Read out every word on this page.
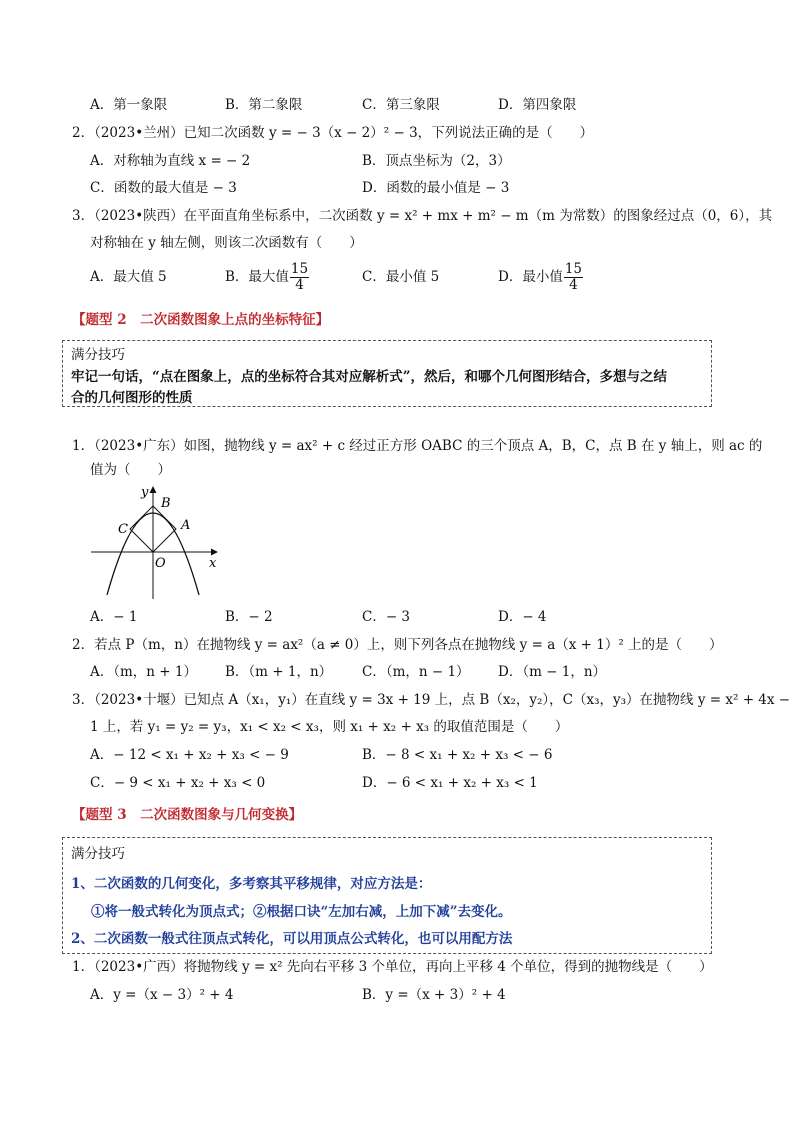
A．第一象限	B．第二象限	C．第三象限	D．第四象限
2．（2023•兰州）已知二次函数 y = − 3（x − 2）² − 3，下列说法正确的是（　　）
A．对称轴为直线 x = − 2	B．顶点坐标为（2，3）
C．函数的最大值是 − 3	D．函数的最小值是 − 3
3．（2023•陕西）在平面直角坐标系中，二次函数 y = x² + mx + m² − m（m 为常数）的图象经过点（0，6），其
对称轴在 y 轴左侧，则该二次函数有（　　）
A．最大值 5	B．最大值 $\frac{15}{4}$	C．最小值 5	D．最小值 $\frac{15}{4}$
【题型 2　二次函数图象上点的坐标特征】
满分技巧
牢记一句话，“点在图象上，点的坐标符合其对应解析式”，然后，和哪个几何图形结合，多想与之结
合的几何图形的性质
1．（2023•广东）如图，抛物线 y = ax² + c 经过正方形 OABC 的三个顶点 A，B，C，点 B 在 y 轴上，则 ac 的
值为（　　）
y
B
C	A
O	x
A．− 1	B．− 2	C．− 3	D．− 4
2．若点 P（m，n）在抛物线 y = ax²（a ≠ 0）上，则下列各点在抛物线 y = a（x + 1）² 上的是（　　）
A．（m，n + 1） B．（m + 1，n） C．（m，n − 1） D．（m − 1，n）
3．（2023•十堰）已知点 A（x₁，y₁）在直线 y = 3x + 19 上，点 B（x₂，y₂），C（x₃，y₃）在抛物线 y = x² + 4x −
1 上，若 y₁ = y₂ = y₃，x₁ < x₂ < x₃，则 x₁ + x₂ + x₃ 的取值范围是（　　）
A．− 12 < x₁ + x₂ + x₃ < − 9	B．− 8 < x₁ + x₂ + x₃ < − 6
C．− 9 < x₁ + x₂ + x₃ < 0	D．− 6 < x₁ + x₂ + x₃ < 1
【题型 3　二次函数图象与几何变换】
满分技巧
1、二次函数的几何变化，多考察其平移规律，对应方法是：
①将一般式转化为顶点式；②根据口诀“左加右减，上加下减”去变化。
2、二次函数一般式往顶点式转化，可以用顶点公式转化，也可以用配方法
1．（2023•广西）将抛物线 y = x² 先向右平移 3 个单位，再向上平移 4 个单位，得到的抛物线是（　　）
A．y =（x − 3）² + 4	B．y =（x + 3）² + 4
